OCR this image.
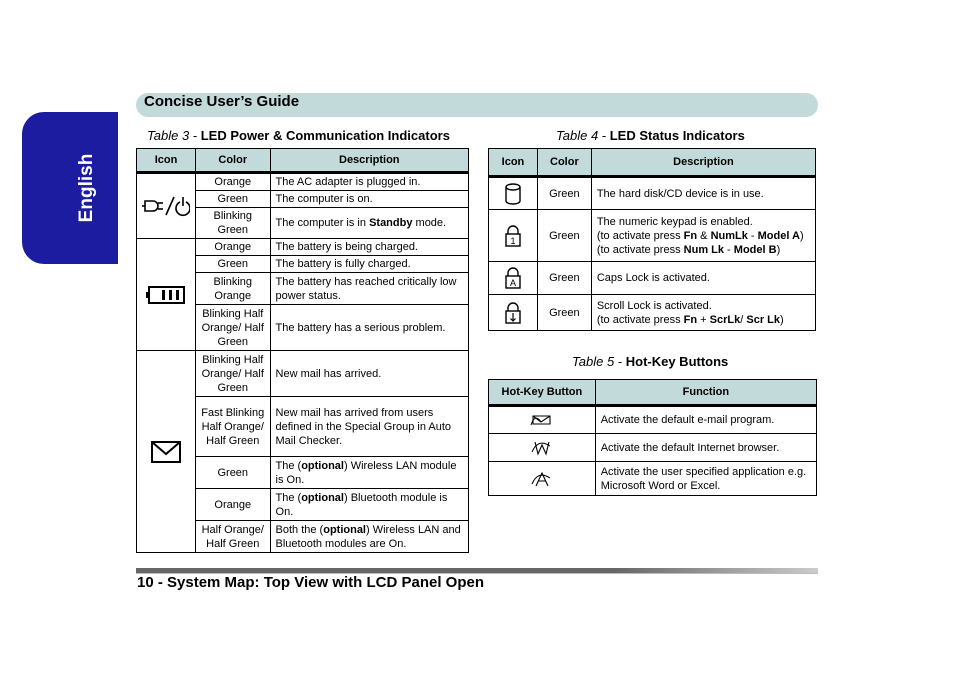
English
Concise User’s Guide
Table 3 - LED Power & Communication Indicators
Icon	Color	Description
	Orange	The AC adapter is plugged in.
	Green	The computer is on.
	Blinking Green	The computer is in Standby mode.
	Orange	The battery is being charged.
	Green	The battery is fully charged.
	Blinking Orange	The battery has reached critically low power status.
	Blinking Half Orange/ Half Green	The battery has a serious problem.
	Blinking Half Orange/ Half Green	New mail has arrived.
	Fast Blinking Half Orange/ Half Green	New mail has arrived from users defined in the Special Group in Auto Mail Checker.
	Green	The (optional) Wireless LAN module is On.
	Orange	The (optional) Bluetooth module is On.
	Half Orange/ Half Green	Both the (optional) Wireless LAN and Bluetooth modules are On.
Table 4 - LED Status Indicators
Icon	Color	Description
	Green	The hard disk/CD device is in use.

1	Green	The numeric keypad is enabled.
(to activate press Fn & NumLk - Model A)
(to activate press Num Lk - Model B)

A	Green	Caps Lock is activated.
	Green	Scroll Lock is activated.
(to activate press Fn + ScrLk/ Scr Lk)
Table 5 - Hot-Key Buttons
Hot-Key Button	Function
	Activate the default e-mail program.
	Activate the default Internet browser.
	Activate the user specified application e.g. Microsoft Word or Excel.
10 - System Map: Top View with LCD Panel Open
